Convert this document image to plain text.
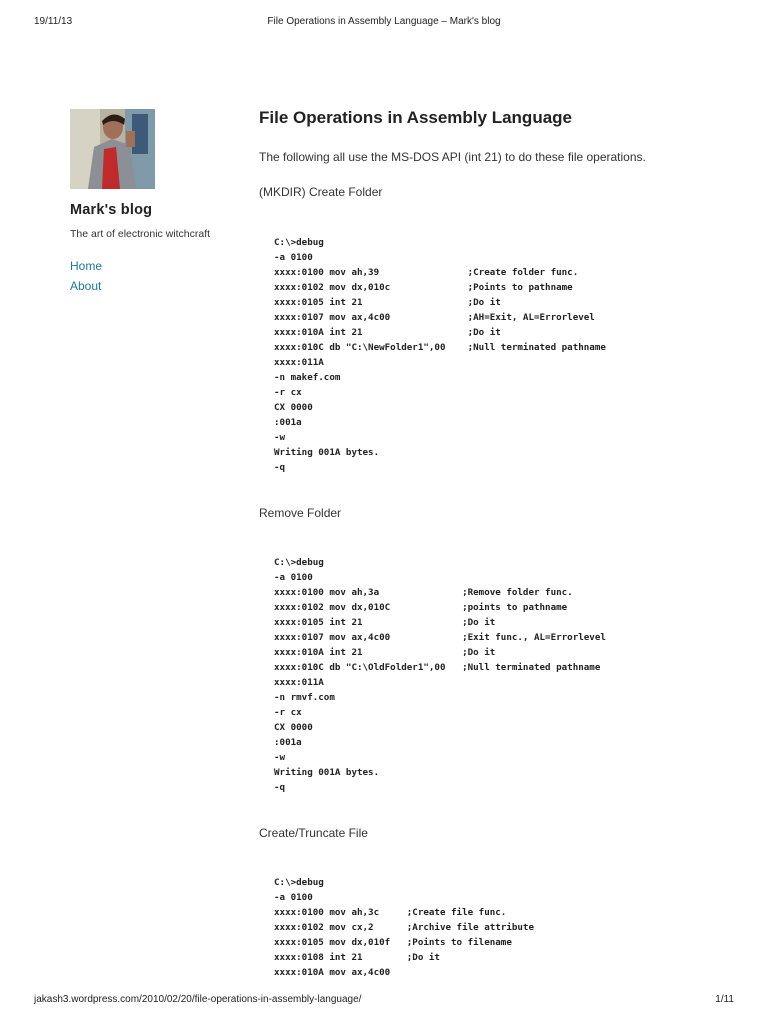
19/11/13	File Operations in Assembly Language – Mark's blog
Mark's blog
The art of electronic witchcraft
Home
About
File Operations in Assembly Language
The following all use the MS-DOS API (int 21) to do these file operations.
(MKDIR) Create Folder
C:\>debug
-a 0100
xxxx:0100 mov ah,39                ;Create folder func.
xxxx:0102 mov dx,010c              ;Points to pathname
xxxx:0105 int 21                   ;Do it
xxxx:0107 mov ax,4c00              ;AH=Exit, AL=Errorlevel
xxxx:010A int 21                   ;Do it
xxxx:010C db "C:\NewFolder1",00    ;Null terminated pathname
xxxx:011A
-n makef.com
-r cx
CX 0000
:001a
-w
Writing 001A bytes.
-q
Remove Folder
C:\>debug
-a 0100
xxxx:0100 mov ah,3a               ;Remove folder func.
xxxx:0102 mov dx,010C             ;points to pathname
xxxx:0105 int 21                  ;Do it
xxxx:0107 mov ax,4c00             ;Exit func., AL=Errorlevel
xxxx:010A int 21                  ;Do it
xxxx:010C db "C:\OldFolder1",00   ;Null terminated pathname
xxxx:011A
-n rmvf.com
-r cx
CX 0000
:001a
-w
Writing 001A bytes.
-q
Create/Truncate File
C:\>debug
-a 0100
xxxx:0100 mov ah,3c     ;Create file func.
xxxx:0102 mov cx,2      ;Archive file attribute
xxxx:0105 mov dx,010f   ;Points to filename
xxxx:0108 int 21        ;Do it
xxxx:010A mov ax,4c00
jakash3.wordpress.com/2010/02/20/file-operations-in-assembly-language/	1/11
